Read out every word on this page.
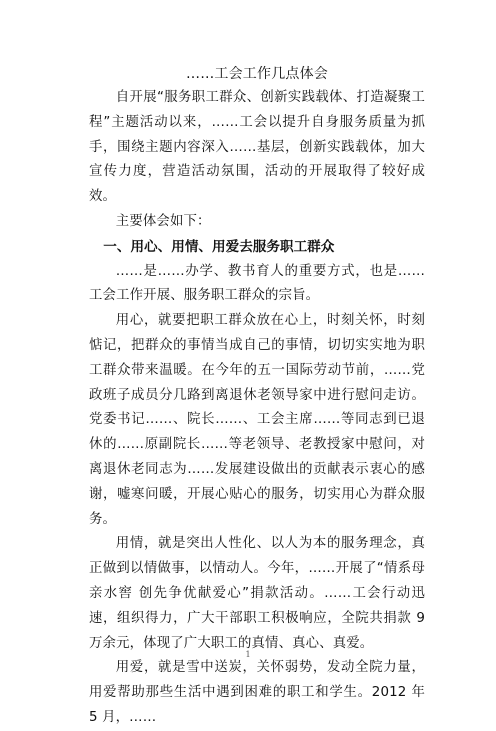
……工会工作几点体会

自开展“服务职工群众、创新实践载体、打造凝聚工程”主题活动以来，……工会以提升自身服务质量为抓手，围绕主题内容深入……基层，创新实践载体，加大宣传力度，营造活动氛围，活动的开展取得了较好成效。

主要体会如下：

一、用心、用情、用爱去服务职工群众

……是……办学、教书育人的重要方式，也是……工会工作开展、服务职工群众的宗旨。

用心，就要把职工群众放在心上，时刻关怀，时刻惦记，把群众的事情当成自己的事情，切切实实地为职工群众带来温暖。在今年的五一国际劳动节前，……党政班子成员分几路到离退休老领导家中进行慰问走访。党委书记……、院长……、工会主席……等同志到已退休的……原副院长……等老领导、老教授家中慰问，对离退休老同志为……发展建设做出的贡献表示衷心的感谢，嘘寒问暖，开展心贴心的服务，切实用心为群众服务。

用情，就是突出人性化、以人为本的服务理念，真正做到以情做事，以情动人。今年，……开展了“情系母亲水窖 创先争优献爱心”捐款活动。……工会行动迅速，组织得力，广大干部职工积极响应，全院共捐款 9 万余元，体现了广大职工的真情、真心、真爱。

用爱，就是雪中送炭，关怀弱势，发动全院力量，用爱帮助那些生活中遇到困难的职工和学生。2012 年 5 月，……

1
